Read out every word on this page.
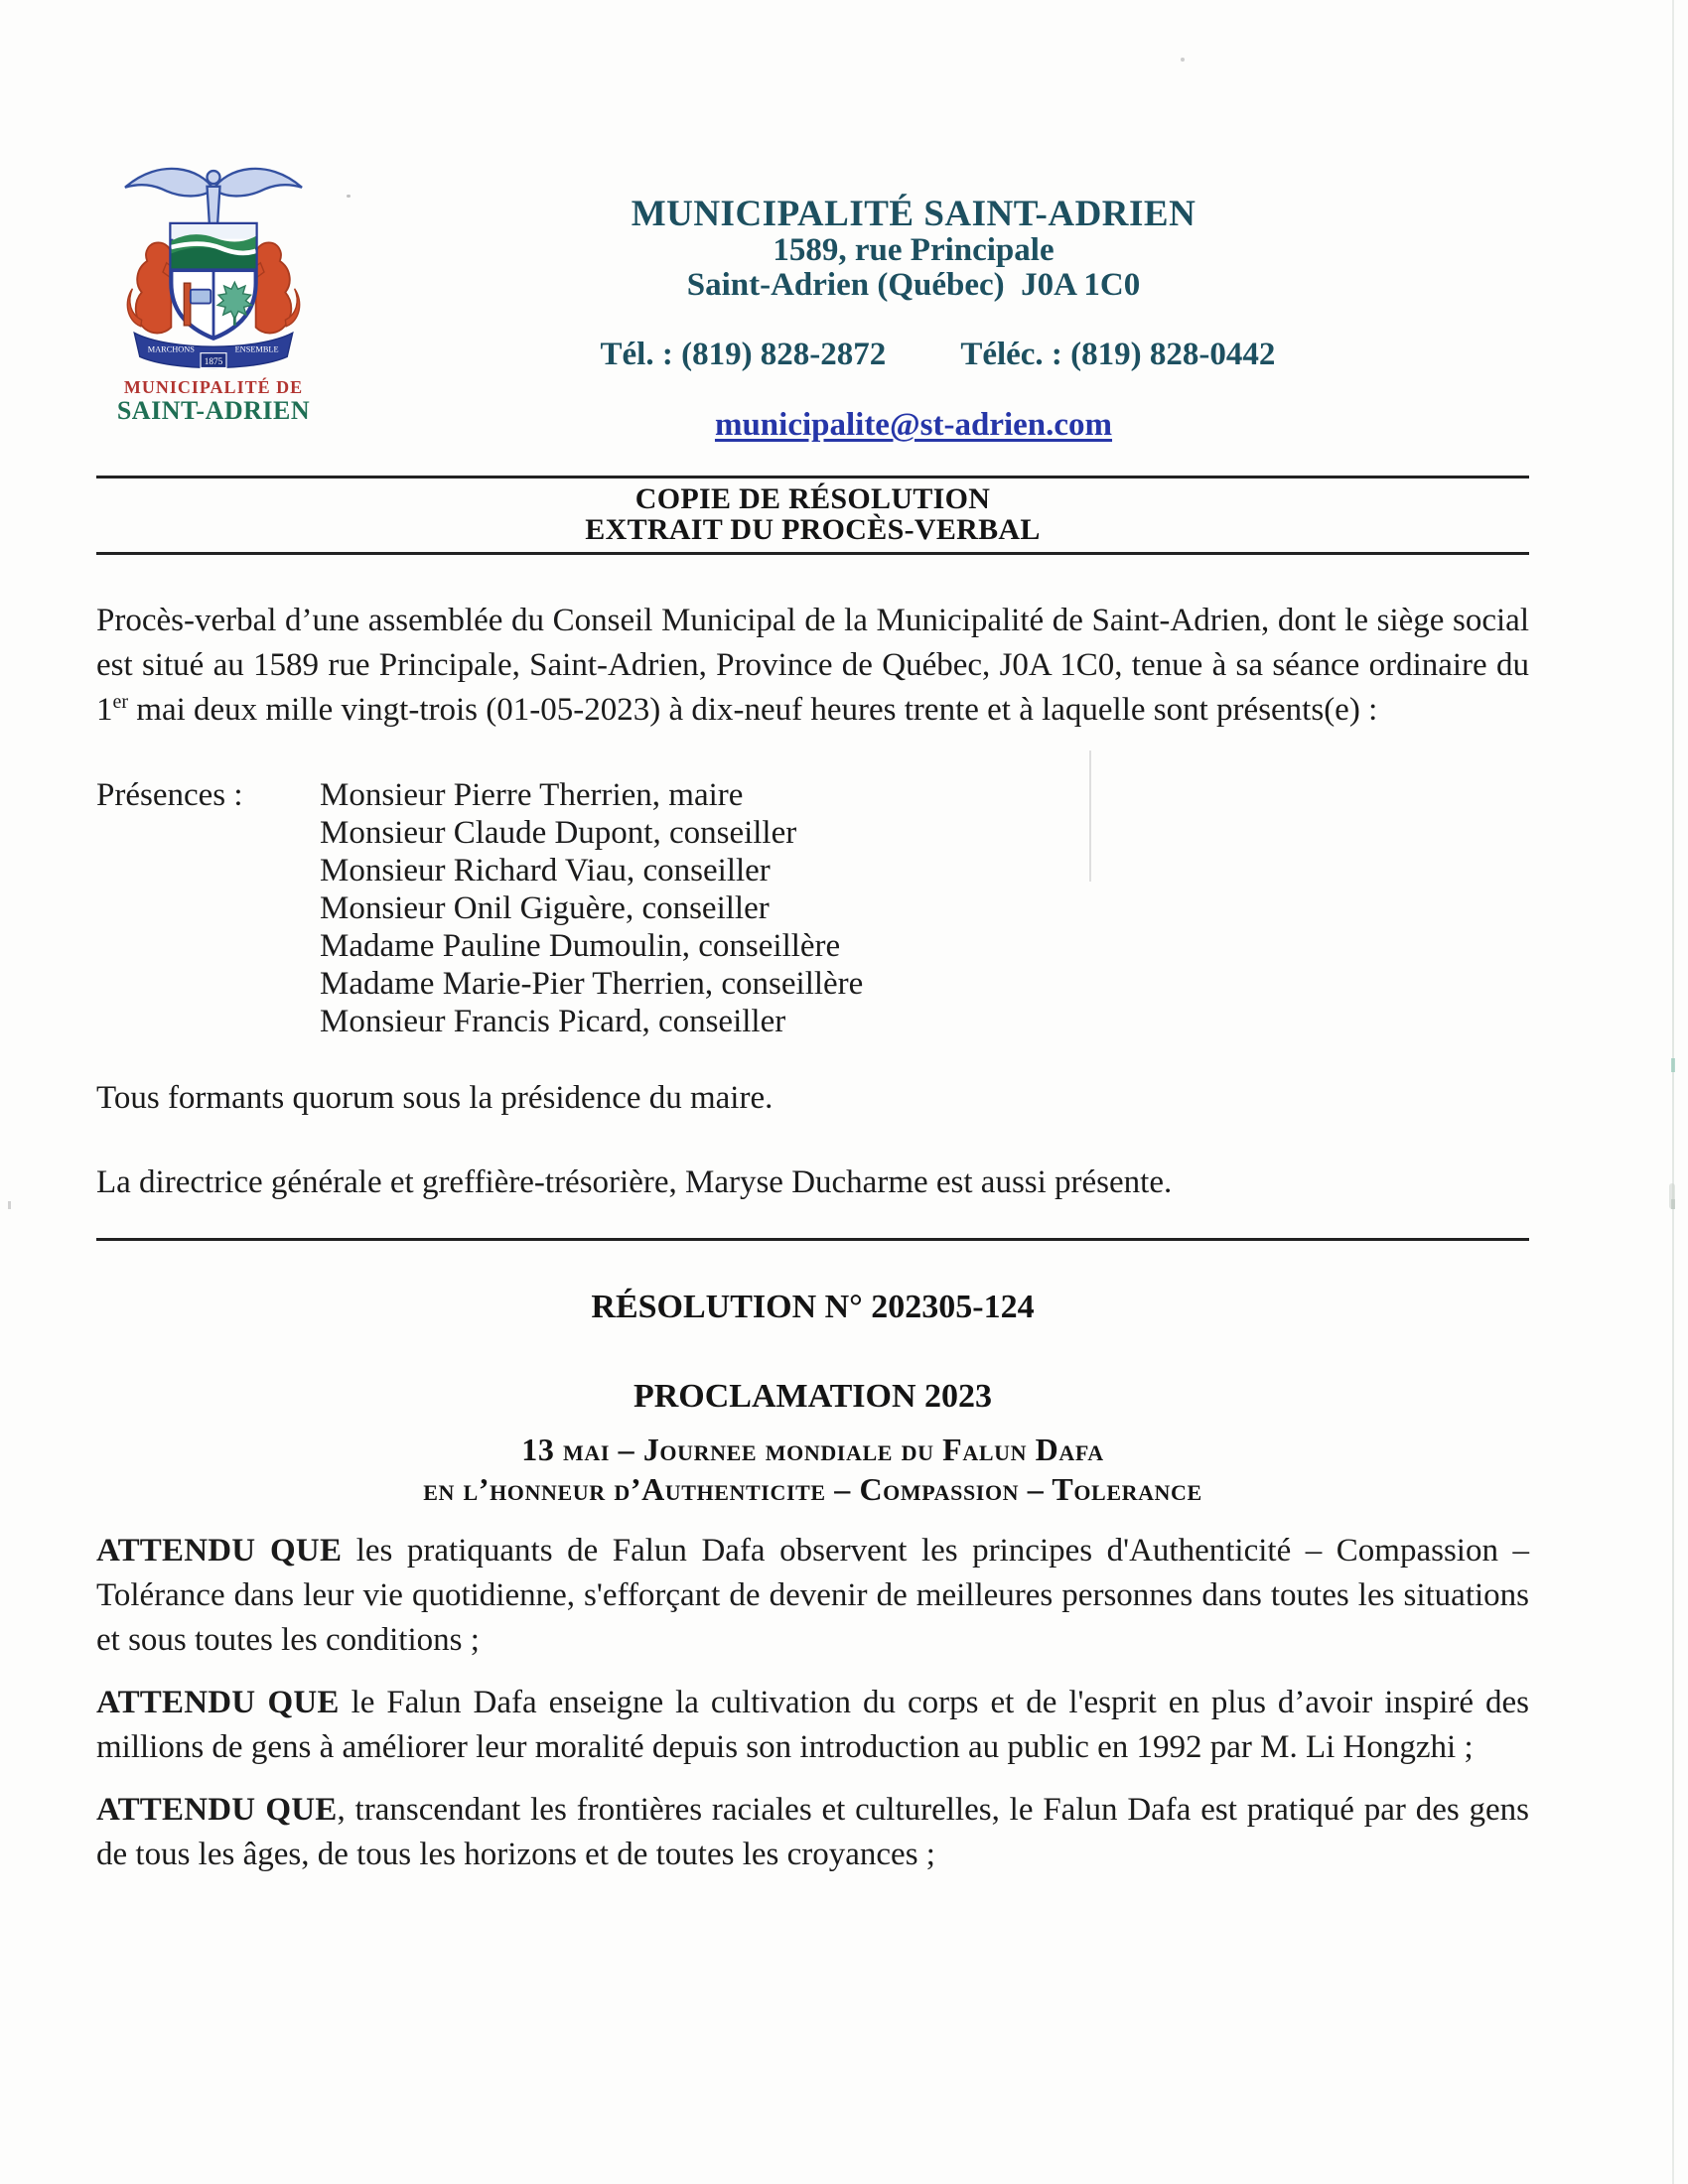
MARCHONS	ENSEMBLE
1875
MUNICIPALITÉ DE
SAINT-ADRIEN
MUNICIPALITÉ SAINT-ADRIEN
1589, rue Principale
Saint-Adrien (Québec)  J0A 1C0

Tél. : (819) 828-2872 Téléc. : (819) 828-0442

municipalite@st-adrien.com
COPIE DE RÉSOLUTION
EXTRAIT DU PROCÈS-VERBAL

Procès-verbal d’une assemblée du Conseil Municipal de la Municipalité de Saint-Adrien, dont le siège social est situé au 1589 rue Principale, Saint-Adrien, Province de Québec, J0A 1C0, tenue à sa séance ordinaire du 1er mai deux mille vingt-trois (01-05-2023) à dix-neuf heures trente et à laquelle sont présents(e) :

Présences :	Monsieur Pierre Therrien, maire
Monsieur Claude Dupont, conseiller
Monsieur Richard Viau, conseiller
Monsieur Onil Giguère, conseiller
Madame Pauline Dumoulin, conseillère
Madame Marie-Pier Therrien, conseillère
Monsieur Francis Picard, conseiller

Tous formants quorum sous la présidence du maire.

La directrice générale et greffière-trésorière, Maryse Ducharme est aussi présente.

RÉSOLUTION N° 202305-124
PROCLAMATION 2023
13 mai – Journee mondiale du Falun Dafa
en l’honneur d’Authenticite – Compassion – Tolerance

ATTENDU QUE les pratiquants de Falun Dafa observent les principes d'Authenticité – Compassion – Tolérance dans leur vie quotidienne, s'efforçant de devenir de meilleures personnes dans toutes les situations et sous toutes les conditions ;

ATTENDU QUE le Falun Dafa enseigne la cultivation du corps et de l'esprit en plus d’avoir inspiré des millions de gens à améliorer leur moralité depuis son introduction au public en 1992 par M. Li Hongzhi ;

ATTENDU QUE, transcendant les frontières raciales et culturelles, le Falun Dafa est pratiqué par des gens de tous les âges, de tous les horizons et de toutes les croyances ;
